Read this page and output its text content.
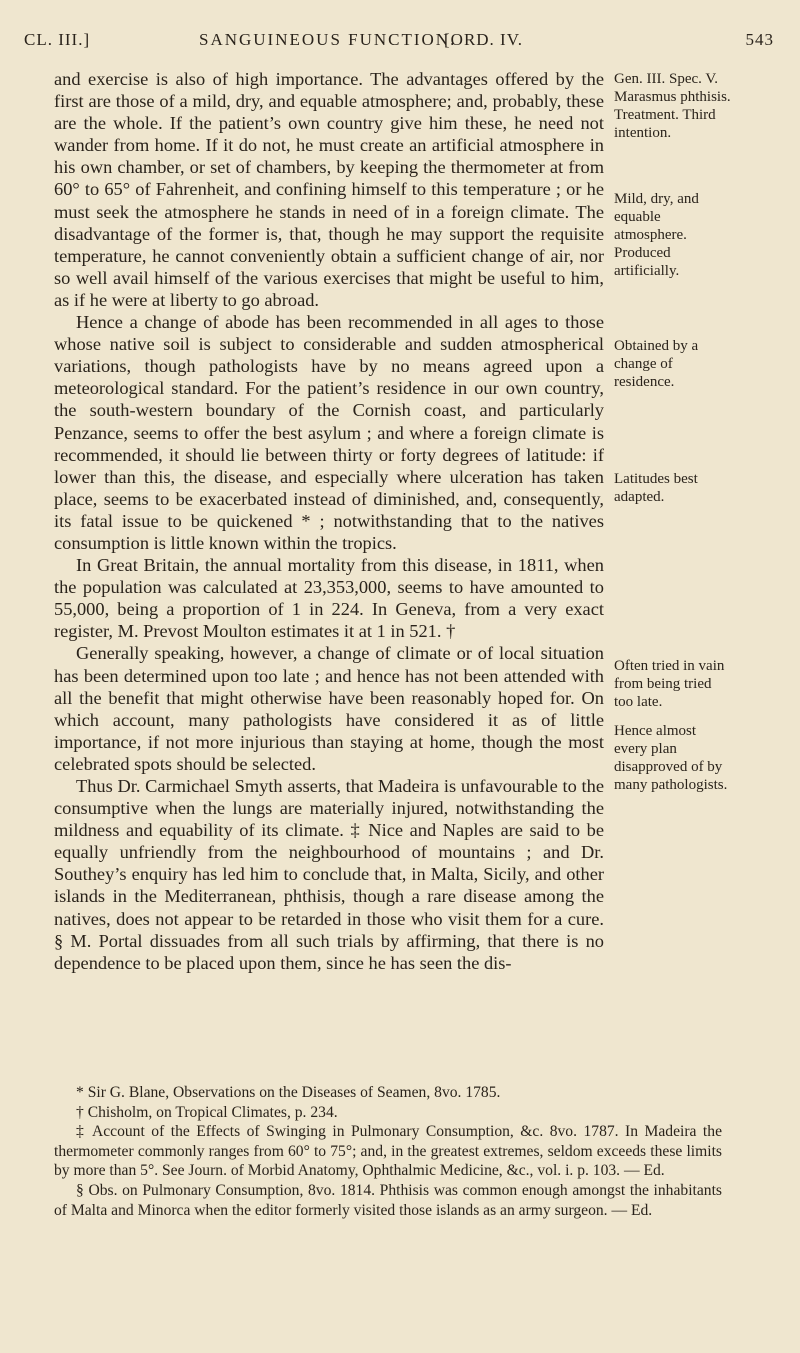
CL. III.]	SANGUINEOUS FUNCTION.
[ORD. IV.	543

and exercise is also of high importance. The advantages offered by the first are those of a mild, dry, and equable atmosphere; and, probably, these are the whole. If the patient’s own country give him these, he need not wander from home. If it do not, he must create an artificial atmosphere in his own chamber, or set of chambers, by keeping the thermometer at from 60° to 65° of Fahrenheit, and confining himself to this temperature ; or he must seek the atmosphere he stands in need of in a foreign climate. The disadvantage of the former is, that, though he may support the requisite temperature, he cannot conveniently obtain a sufficient change of air, nor so well avail himself of the various exercises that might be useful to him, as if he were at liberty to go abroad.

Hence a change of abode has been recommended in all ages to those whose native soil is subject to considerable and sudden atmospherical variations, though pathologists have by no means agreed upon a meteorological standard. For the patient’s residence in our own country, the south-western boundary of the Cornish coast, and particularly Penzance, seems to offer the best asylum ; and where a foreign climate is recommended, it should lie between thirty or forty degrees of latitude: if lower than this, the disease, and especially where ulceration has taken place, seems to be exacerbated instead of diminished, and, consequently, its fatal issue to be quickened * ; notwithstanding that to the natives consumption is little known within the tropics.

In Great Britain, the annual mortality from this disease, in 1811, when the population was calculated at 23,353,000, seems to have amounted to 55,000, being a proportion of 1 in 224. In Geneva, from a very exact register, M. Prevost Moulton estimates it at 1 in 521. †

Generally speaking, however, a change of climate or of local situation has been determined upon too late ; and hence has not been attended with all the benefit that might otherwise have been reasonably hoped for. On which account, many pathologists have considered it as of little importance, if not more injurious than staying at home, though the most celebrated spots should be selected.

Thus Dr. Carmichael Smyth asserts, that Madeira is unfavourable to the consumptive when the lungs are materially injured, notwithstanding the mildness and equability of its climate. ‡ Nice and Naples are said to be equally unfriendly from the neighbourhood of mountains ; and Dr. Southey’s enquiry has led him to conclude that, in Malta, Sicily, and other islands in the Mediterranean, phthisis, though a rare disease among the natives, does not appear to be retarded in those who visit them for a cure. § M. Portal dissuades from all such trials by affirming, that there is no dependence to be placed upon them, since he has seen the dis-

Gen. III. Spec. V. Marasmus phthisis. Treatment. Third intention.
Mild, dry, and equable atmosphere. Produced artificially.
Obtained by a change of residence.
Latitudes best adapted.
Often tried in vain from being tried too late.
Hence almost every plan disapproved of by many pathologists.

* Sir G. Blane, Observations on the Diseases of Seamen, 8vo. 1785.

† Chisholm, on Tropical Climates, p. 234.

‡ Account of the Effects of Swinging in Pulmonary Consumption, &c. 8vo. 1787. In Madeira the thermometer commonly ranges from 60° to 75°; and, in the greatest extremes, seldom exceeds these limits by more than 5°. See Journ. of Morbid Anatomy, Ophthalmic Medicine, &c., vol. i. p. 103. — Ed.

§ Obs. on Pulmonary Consumption, 8vo. 1814. Phthisis was common enough amongst the inhabitants of Malta and Minorca when the editor formerly visited those islands as an army surgeon. — Ed.
